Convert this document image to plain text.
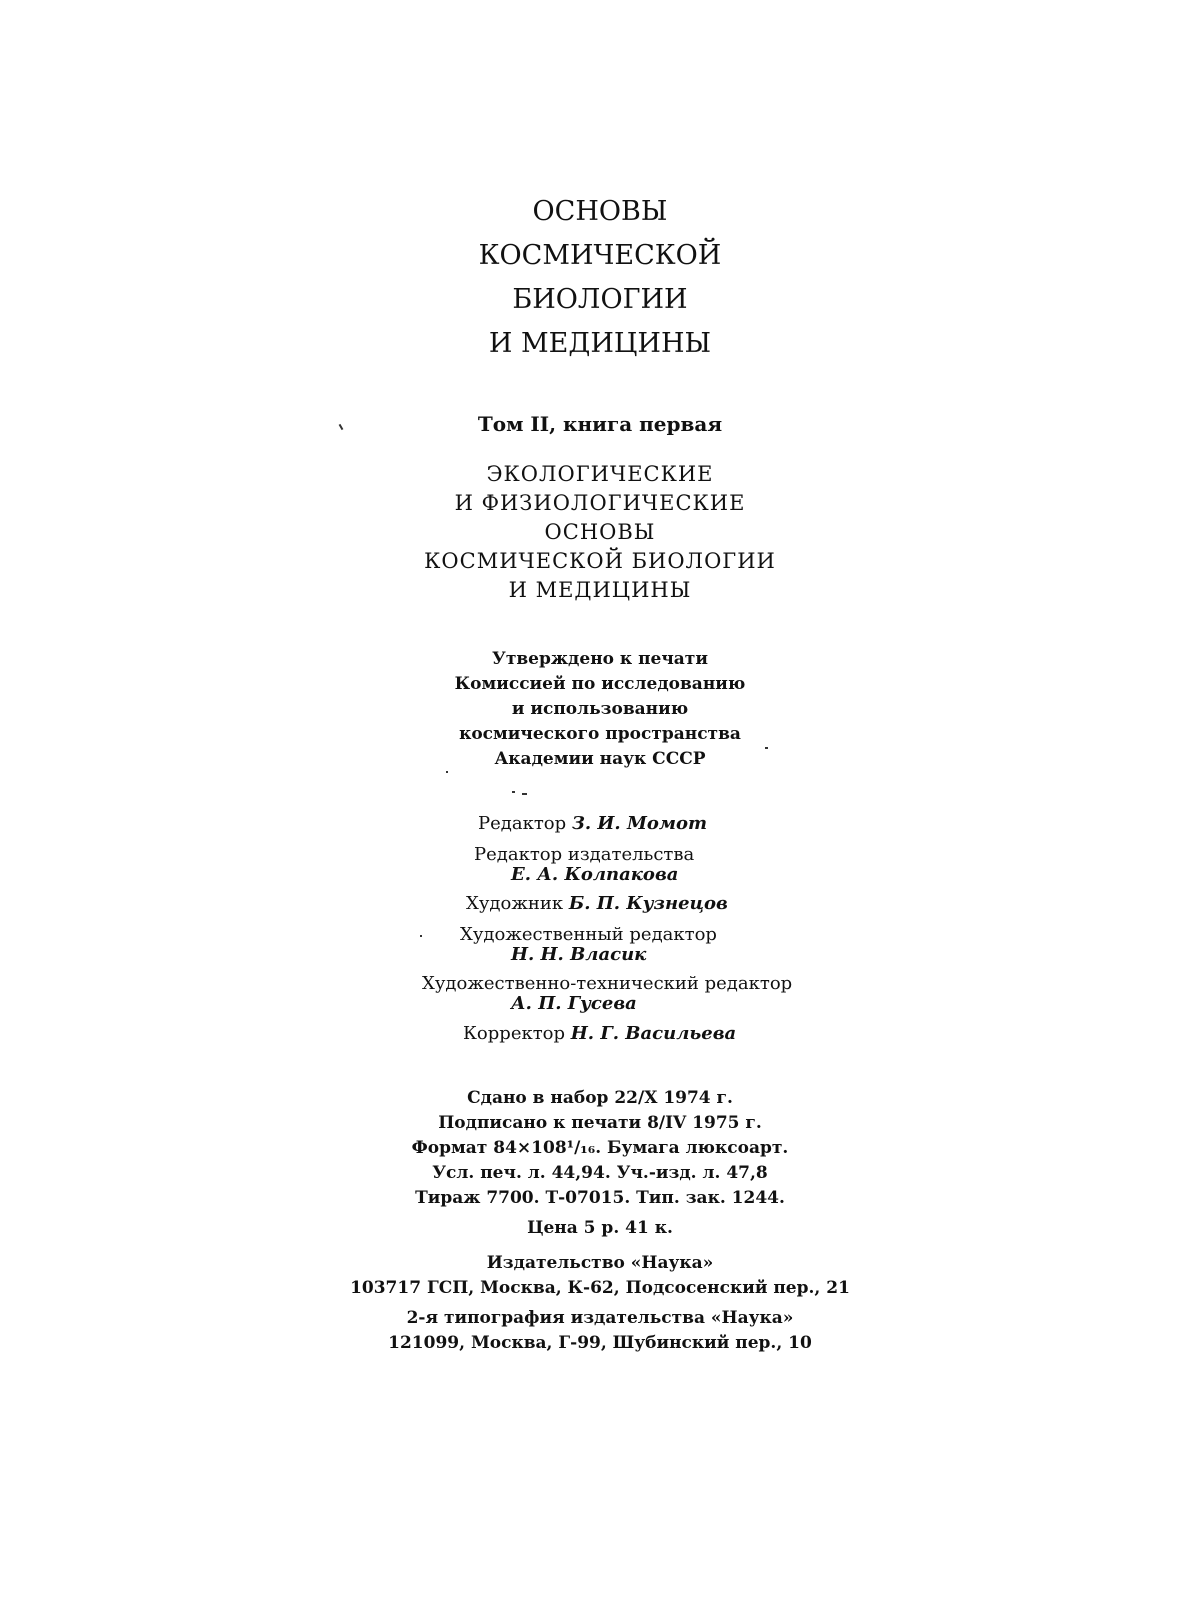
ОСНОВЫ
КОСМИЧЕСКОЙ
БИОЛОГИИ
И МЕДИЦИНЫ
Том II, книга первая
ЭКОЛОГИЧЕСКИЕ
И ФИЗИОЛОГИЧЕСКИЕ
ОСНОВЫ
КОСМИЧЕСКОЙ БИОЛОГИИ
И МЕДИЦИНЫ
Утверждено к печати
Комиссией по исследованию
и использованию
космического пространства
Академии наук СССР
Редактор З. И. Момот
Редактор издательства
Е. А. Колпакова
Художник Б. П. Кузнецов
Художественный редактор
Н. Н. Власик
Художественно-технический редактор
А. П. Гусева
Корректор Н. Г. Васильева
Сдано в набор 22/X 1974 г.
Подписано к печати 8/IV 1975 г.
Формат 84×108¹/₁₆. Бумага люксоарт.
Усл. печ. л. 44,94. Уч.-изд. л. 47,8
Тираж 7700. Т-07015. Тип. зак. 1244.
Цена 5 р. 41 к.
Издательство «Наука»
103717 ГСП, Москва, К-62, Подсосенский пер., 21
2-я типография издательства «Наука»
121099, Москва, Г-99, Шубинский пер., 10
